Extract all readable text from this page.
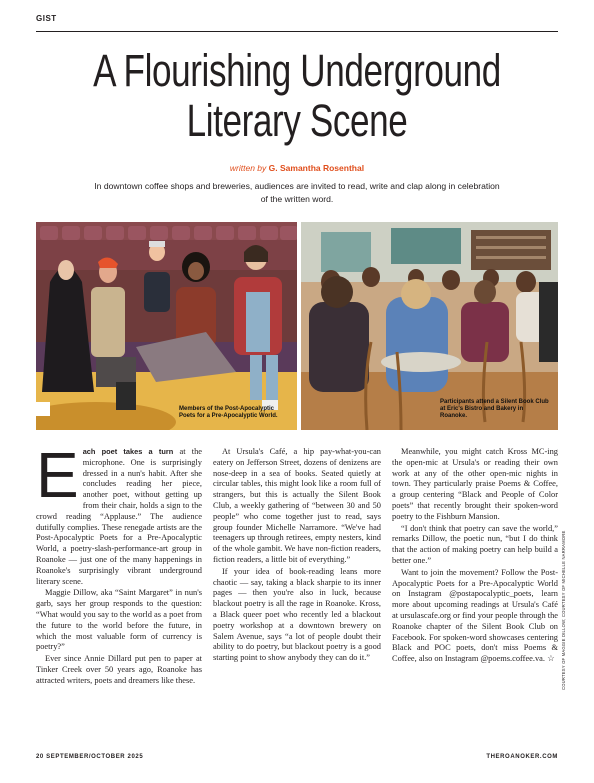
GIST
A Flourishing Underground
Literary Scene
written by G. Samantha Rosenthal
In downtown coffee shops and breweries, audiences are invited to read, write and clap along in celebration of the written word.
Members of the Post-Apocalyptic Poets for a Pre-Apocalyptic World.
Participants attend a Silent Book Club at Eric's Bistro and Bakery in Roanoke.

Each poet takes a turn at the microphone. One is surprisingly dressed in a nun's habit. After she concludes reading her piece, another poet, without getting up from their chair, holds a sign to the crowd reading “Applause.” The audience dutifully complies. These renegade artists are the Post-Apocalyptic Poets for a Pre-Apocalyptic World, a poetry-slash-performance-art group in Roanoke — just one of the many happenings in Roanoke's surprisingly vibrant underground literary scene.

Maggie Dillow, aka “Saint Margaret” in nun's garb, says her group responds to the question: “What would you say to the world as a poet from the future to the world before the future, in which the most valuable form of currency is poetry?”

Ever since Annie Dillard put pen to paper at Tinker Creek over 50 years ago, Roanoke has attracted writers, poets and dreamers like these.

At Ursula's Café, a hip pay-what-you-can eatery on Jefferson Street, dozens of denizens are nose-deep in a sea of books. Seated quietly at circular tables, this might look like a room full of strangers, but this is actually the Silent Book Club, a weekly gathering of “between 30 and 50 people” who come together just to read, says group founder Michelle Narramore. “We've had teenagers up through retirees, empty nesters, kind of the whole gambit. We have non-fiction readers, fiction readers, a little bit of everything.”

If your idea of book-reading leans more chaotic — say, taking a black sharpie to its inner pages — then you're also in luck, because blackout poetry is all the rage in Roanoke. Kross, a Black queer poet who recently led a blackout poetry workshop at a downtown brewery on Salem Avenue, says “a lot of people doubt their ability to do poetry, but blackout poetry is a good starting point to show anybody they can do it.”

Meanwhile, you might catch Kross MC-ing the open-mic at Ursula's or reading their own work at any of the other open-mic nights in town. They particularly praise Poems & Coffee, a group centering “Black and People of Color poets” that recently brought their spoken-word poetry to the Fishburn Mansion.

“I don't think that poetry can save the world,” remarks Dillow, the poetic nun, “but I do think that the action of making poetry can help build a better one.”

Want to join the movement? Follow the Post-Apocalyptic Poets for a Pre-Apocalyptic World on Instagram @postapocalyptic_poets, learn more about upcoming readings at Ursula's Café at ursulascafe.org or find your people through the Roanoke chapter of the Silent Book Club on Facebook. For spoken-word showcases centering Black and POC poets, don't miss Poems & Coffee, also on Instagram @poems.coffee.va. ☆	COURTESY OF MAGGIE DILLOW; COURTESY OF MICHELLE NARRAMORE
20 SEPTEMBER/OCTOBER 2025	THEROANOKER.COM
